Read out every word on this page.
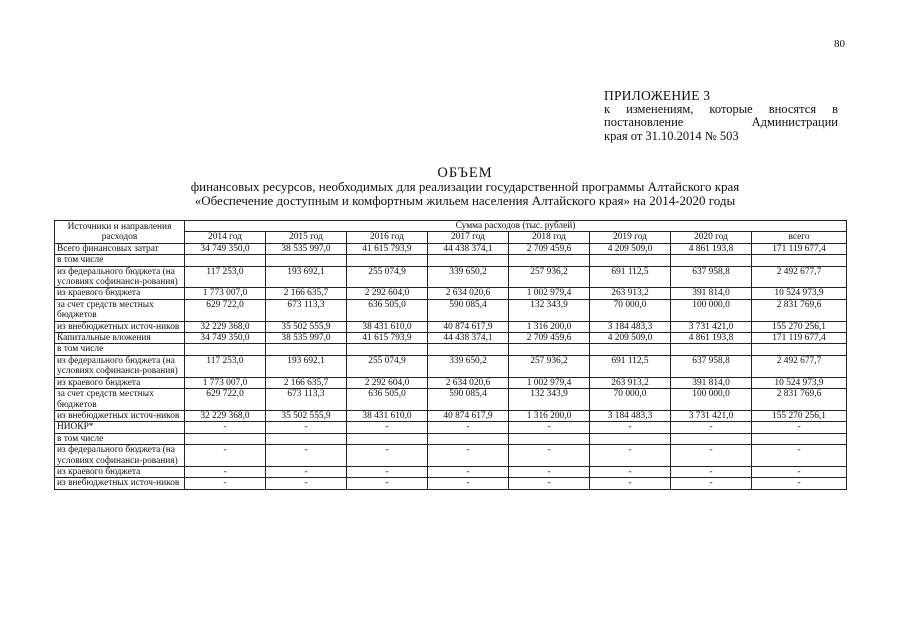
80
ПРИЛОЖЕНИЕ 3
к изменениям, которые вносятся в
постановление Администрации
края от 31.10.2014 № 503
ОБЪЕМ
финансовых ресурсов, необходимых для реализации государственной программы Алтайского края
«Обеспечение доступным и комфортным жильем населения Алтайского края» на 2014-2020 годы
Источники и направления расходов	Сумма расходов (тыс. рублей)							
	2014 год	2015 год	2016 год	2017 год	2018 год	2019 год	2020 год	всего
Всего финансовых затрат	34 749 350,0	38 535 997,0	41 615 793,9	44 438 374,1	2 709 459,6	4 209 509,0	4 861 193,8	171 119 677,4
в том числе								
из федерального бюджета (на условиях софинанси-рования)	117 253,0	193 692,1	255 074,9	339 650,2	257 936,2	691 112,5	637 958,8	2 492 677,7
из краевого бюджета	1 773 007,0	2 166 635,7	2 292 604,0	2 634 020,6	1 002 979,4	263 913,2	391 814,0	10 524 973,9
за счет средств местных бюджетов	629 722,0	673 113,3	636 505,0	590 085,4	132 343,9	70 000,0	100 000,0	2 831 769,6
из внебюджетных источ-ников	32 229 368,0	35 502 555,9	38 431 610,0	40 874 617,9	1 316 200,0	3 184 483,3	3 731 421,0	155 270 256,1
Капитальные вложения	34 749 350,0	38 535 997,0	41 615 793,9	44 438 374,1	2 709 459,6	4 209 509,0	4 861 193,8	171 119 677,4
в том числе								
из федерального бюджета (на условиях софинанси-рования)	117 253,0	193 692,1	255 074,9	339 650,2	257 936,2	691 112,5	637 958,8	2 492 677,7
из краевого бюджета	1 773 007,0	2 166 635,7	2 292 604,0	2 634 020,6	1 002 979,4	263 913,2	391 814,0	10 524 973,9
за счет средств местных бюджетов	629 722,0	673 113,3	636 505,0	590 085,4	132 343,9	70 000,0	100 000,0	2 831 769,6
из внебюджетных источ-ников	32 229 368,0	35 502 555,9	38 431 610,0	40 874 617,9	1 316 200,0	3 184 483,3	3 731 421,0	155 270 256,1
НИОКР*	-	-	-	-	-	-	-	-
в том числе								
из федерального бюджета (на условиях софинанси-рования)	-	-	-	-	-	-	-	-
из краевого бюджета	-	-	-	-	-	-	-	-
из внебюджетных источ-ников	-	-	-	-	-	-	-	-
